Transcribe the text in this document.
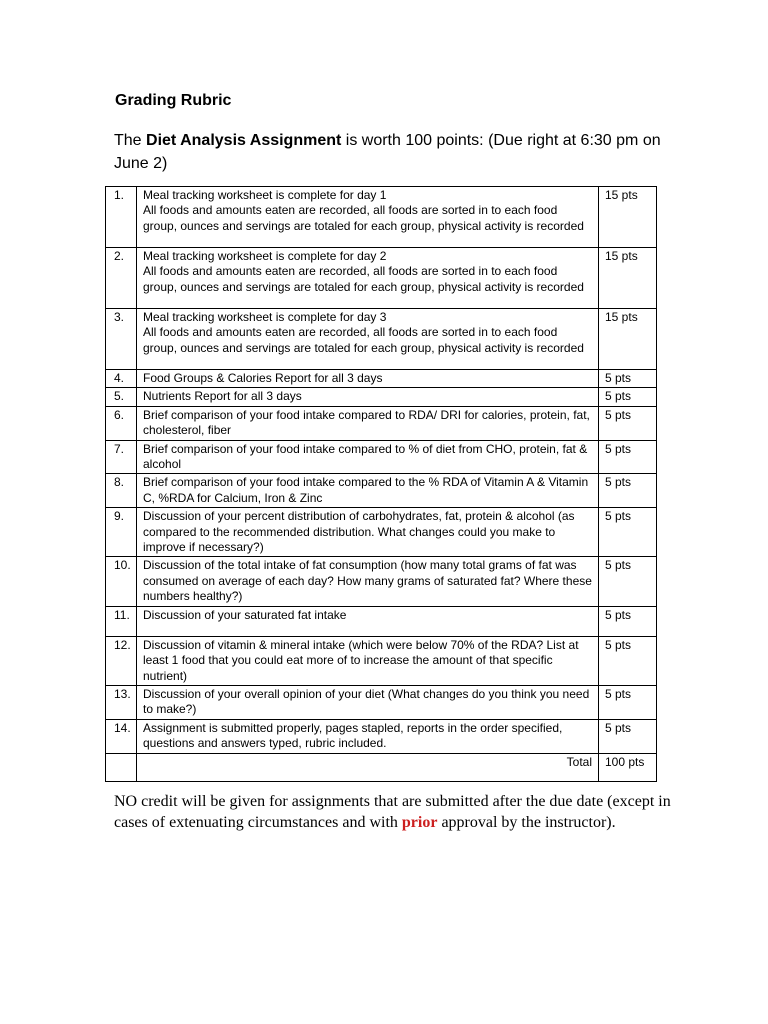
Grading Rubric
The Diet Analysis Assignment is worth 100 points: (Due right at 6:30 pm on June 2)
1.	Meal tracking worksheet is complete for day 1
All foods and amounts eaten are recorded, all foods are sorted in to each food group, ounces and servings are totaled for each group, physical activity is recorded	15 pts
2.	Meal tracking worksheet is complete for day 2
All foods and amounts eaten are recorded, all foods are sorted in to each food group, ounces and servings are totaled for each group, physical activity is recorded	15 pts
3.	Meal tracking worksheet is complete for day 3
All foods and amounts eaten are recorded, all foods are sorted in to each food group, ounces and servings are totaled for each group, physical activity is recorded	15 pts
4.	Food Groups & Calories Report for all 3 days	5 pts
5.	Nutrients Report for all 3 days	5 pts
6.	Brief comparison of your food intake compared to RDA/ DRI for calories, protein, fat, cholesterol, fiber	5 pts
7.	Brief comparison of your food intake compared to % of diet from CHO, protein, fat & alcohol	5 pts
8.	Brief comparison of your food intake compared to the % RDA of Vitamin A & Vitamin C, %RDA for Calcium, Iron & Zinc	5 pts
9.	Discussion of your percent distribution of carbohydrates, fat, protein & alcohol (as compared to the recommended distribution. What changes could you make to improve if necessary?)	5 pts
10.	Discussion of the total intake of fat consumption (how many total grams of fat was consumed on average of each day? How many grams of saturated fat? Where these numbers healthy?)	5 pts
11.	Discussion of your saturated fat intake	5 pts
12.	Discussion of vitamin & mineral intake (which were below 70% of the RDA? List at least 1 food that you could eat more of to increase the amount of that specific nutrient)	5 pts
13.	Discussion of your overall opinion of your diet (What changes do you think you need to make?)	5 pts
14.	Assignment is submitted properly, pages stapled, reports in the order specified, questions and answers typed, rubric included.	5 pts
	Total	100 pts
NO credit will be given for assignments that are submitted after the due date (except in cases of extenuating circumstances and with prior approval by the instructor).
